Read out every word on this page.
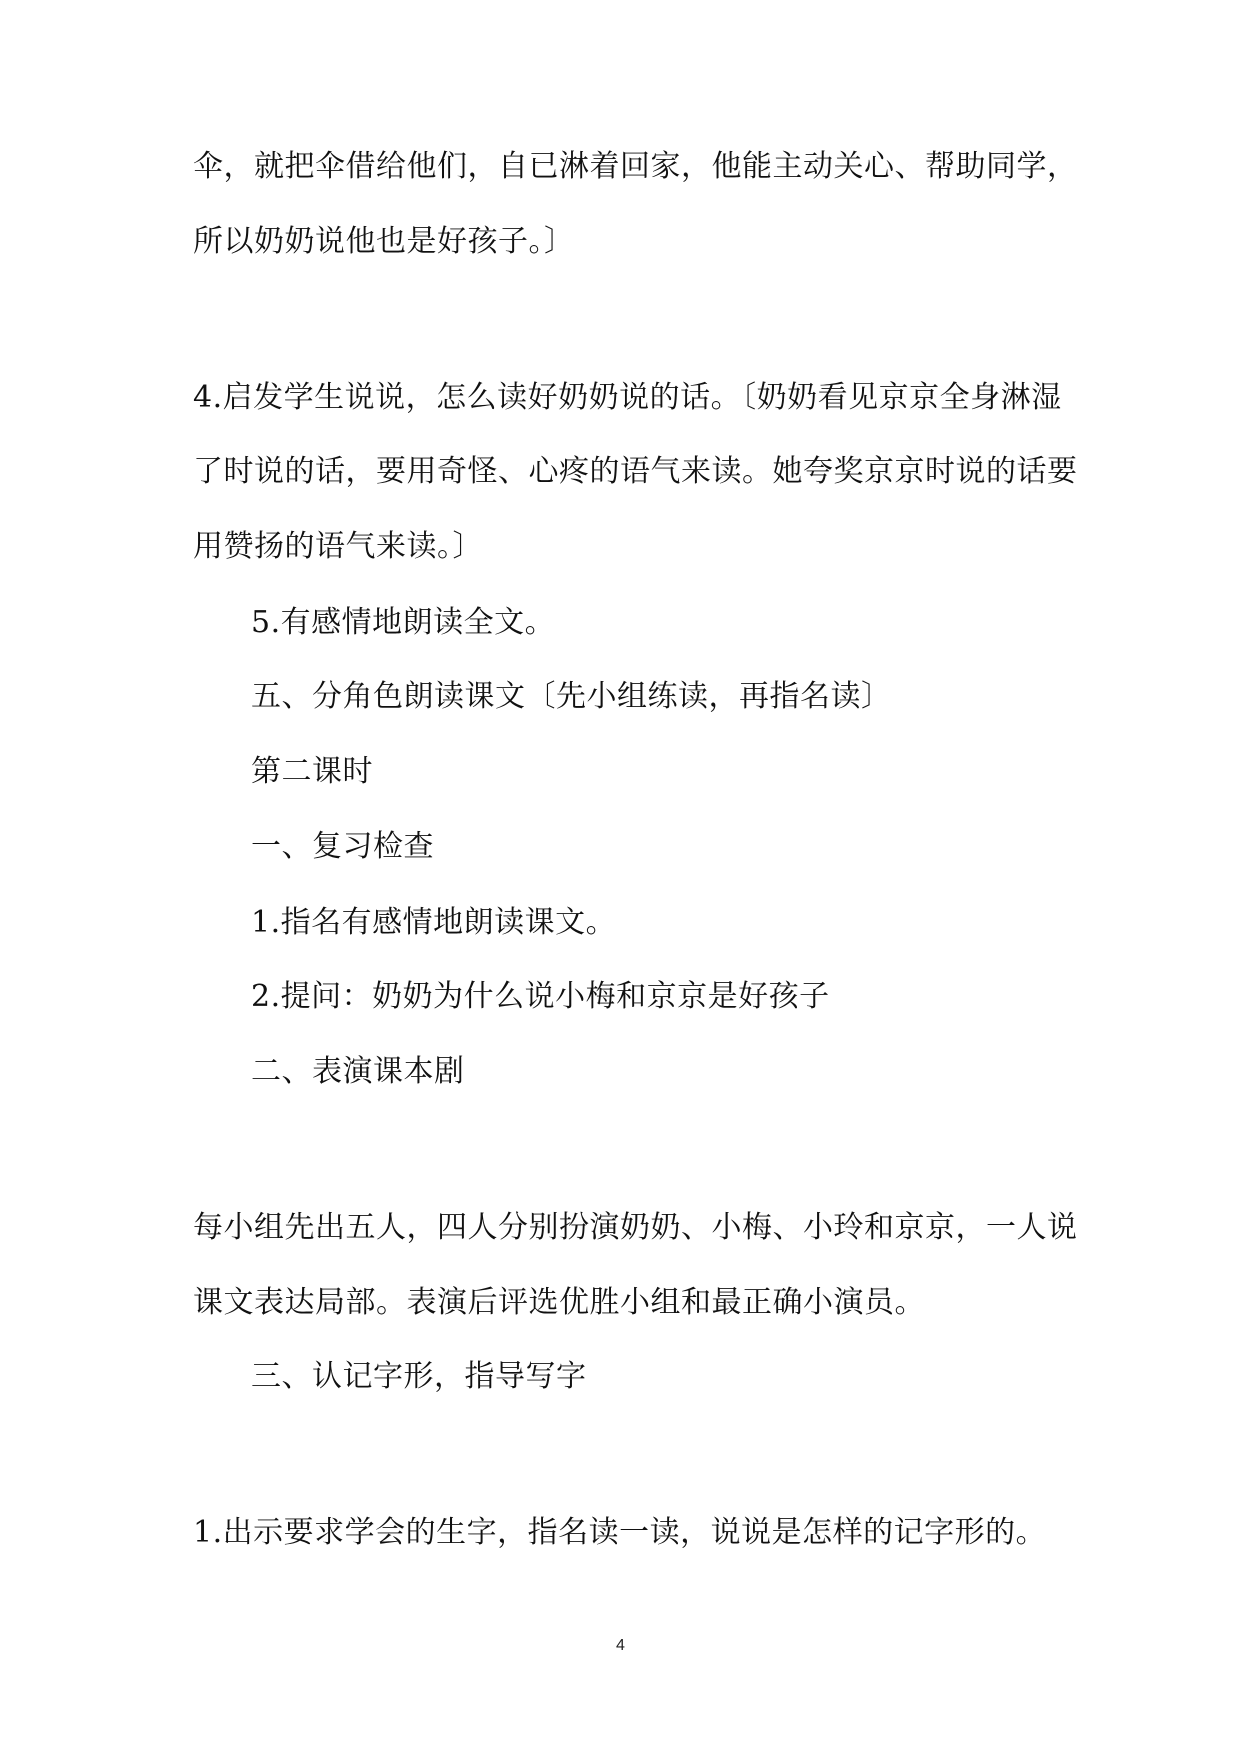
伞，就把伞借给他们，自已淋着回家，他能主动关心、帮助同学，
所以奶奶说他也是好孩子。〕
4.启发学生说说，怎么读好奶奶说的话。〔奶奶看见京京全身淋湿
了时说的话，要用奇怪、心疼的语气来读。她夸奖京京时说的话要
用赞扬的语气来读。〕
5.有感情地朗读全文。
五、分角色朗读课文〔先小组练读，再指名读〕
第二课时
一、复习检查
1.指名有感情地朗读课文。
2.提问：奶奶为什么说小梅和京京是好孩子
二、表演课本剧
每小组先出五人，四人分别扮演奶奶、小梅、小玲和京京，一人说
课文表达局部。表演后评选优胜小组和最正确小演员。
三、认记字形，指导写字
1.出示要求学会的生字，指名读一读，说说是怎样的记字形的。
4
